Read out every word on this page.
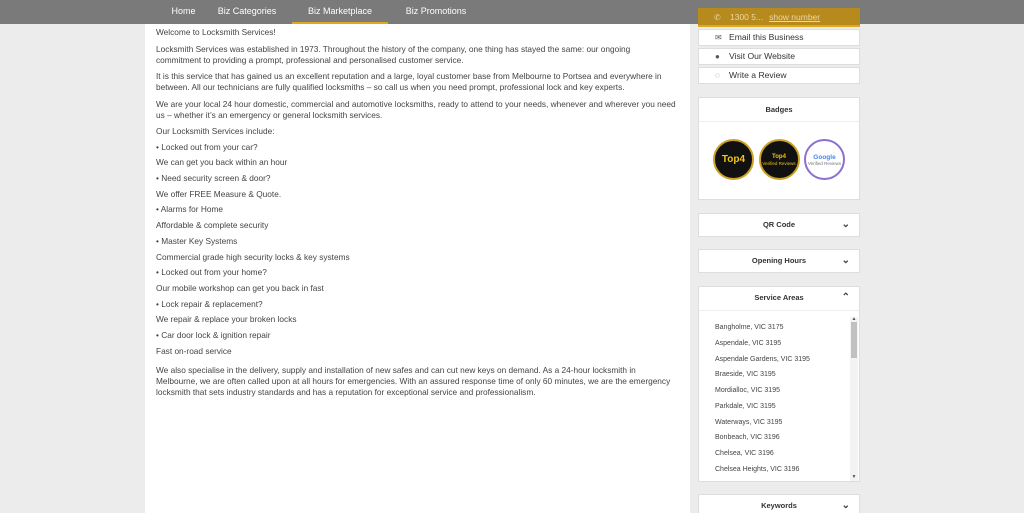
Home	Biz Categories	Biz Marketplace	Biz Promotions

Welcome to Locksmith Services!

Locksmith Services was established in 1973. Throughout the history of the company, one thing has stayed the same: our ongoing commitment to providing a prompt, professional and personalised customer service.

It is this service that has gained us an excellent reputation and a large, loyal customer base from Melbourne to Portsea and everywhere in between. All our technicians are fully qualified locksmiths – so call us when you need prompt, professional lock and key experts.

We are your local 24 hour domestic, commercial and automotive locksmiths, ready to attend to your needs, whenever and wherever you need us – whether it’s an emergency or general locksmith services.

Our Locksmith Services include:
• Locked out from your car?
We can get you back within an hour
• Need security screen & door?
We offer FREE Measure & Quote.
• Alarms for Home
Affordable & complete security
• Master Key Systems
Commercial grade high security locks & key systems
• Locked out from your home?
Our mobile workshop can get you back in fast
• Lock repair & replacement?
We repair & replace your broken locks
• Car door lock & ignition repair
Fast on-road service

We also specialise in the delivery, supply and installation of new safes and can cut new keys on demand. As a 24-hour locksmith in Melbourne, we are often called upon at all hours for emergencies. With an assured response time of only 60 minutes, we are the emergency locksmith that sets industry standards and has a reputation for exceptional service and professionalism.

✆ 1300 5... show number
✉ Email this Business
● Visit Our Website
◌ Write a Review
Badges
Top4	Top4
Verified Reviews
Google
Verified Reviews
QR Code	⌄
Opening Hours	⌄
Service Areas	⌃
Bangholme, VIC 3175
Aspendale, VIC 3195
Aspendale Gardens, VIC 3195
Braeside, VIC 3195
Mordialloc, VIC 3195
Parkdale, VIC 3195
Waterways, VIC 3195
Bonbeach, VIC 3196
Chelsea, VIC 3196
Chelsea Heights, VIC 3196
▲
▼
Keywords	⌄
